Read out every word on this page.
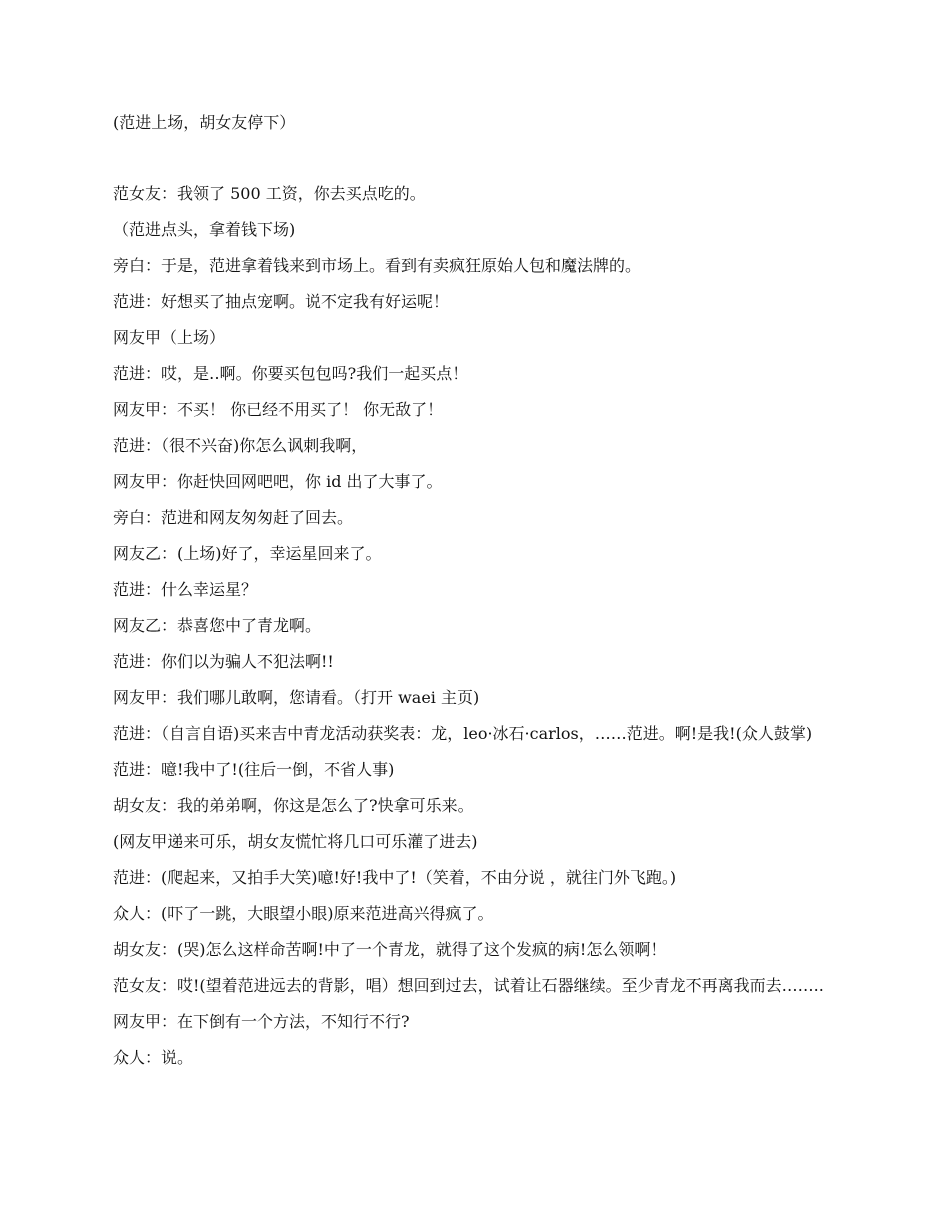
(范进上场，胡女友停下）

范女友：我领了 500 工资，你去买点吃的。

（范进点头，拿着钱下场)

旁白：于是，范进拿着钱来到市场上。看到有卖疯狂原始人包和魔法牌的。

范进：好想买了抽点宠啊。说不定我有好运呢！

网友甲（上场）

范进：哎，是‥啊。你要买包包吗?我们一起买点！

网友甲：不买！ 你已经不用买了！ 你无敌了！

范进：（很不兴奋)你怎么讽刺我啊，

网友甲：你赶快回网吧吧，你 id 出了大事了。

旁白：范进和网友匆匆赶了回去。

网友乙：(上场)好了，幸运星回来了。

范进：什么幸运星？

网友乙：恭喜您中了青龙啊。

范进：你们以为骗人不犯法啊!!

网友甲：我们哪儿敢啊，您请看。（打开 waei 主页)

范进：（自言自语)买来吉中青龙活动获奖表：龙，leo·冰石·carlos，……范进。啊!是我!(众人鼓掌)

范进：噫!我中了!(往后一倒，不省人事)

胡女友：我的弟弟啊，你这是怎么了?快拿可乐来。

(网友甲递来可乐，胡女友慌忙将几口可乐灌了进去)

范进：(爬起来，又拍手大笑)噫!好!我中了!（笑着，不由分说 ，就往门外飞跑。)

众人：(吓了一跳，大眼望小眼)原来范进高兴得疯了。

胡女友：(哭)怎么这样命苦啊!中了一个青龙，就得了这个发疯的病!怎么领啊！

范女友：哎!(望着范进远去的背影，唱）想回到过去，试着让石器继续。至少青龙不再离我而去……..

网友甲：在下倒有一个方法，不知行不行?

众人：说。
